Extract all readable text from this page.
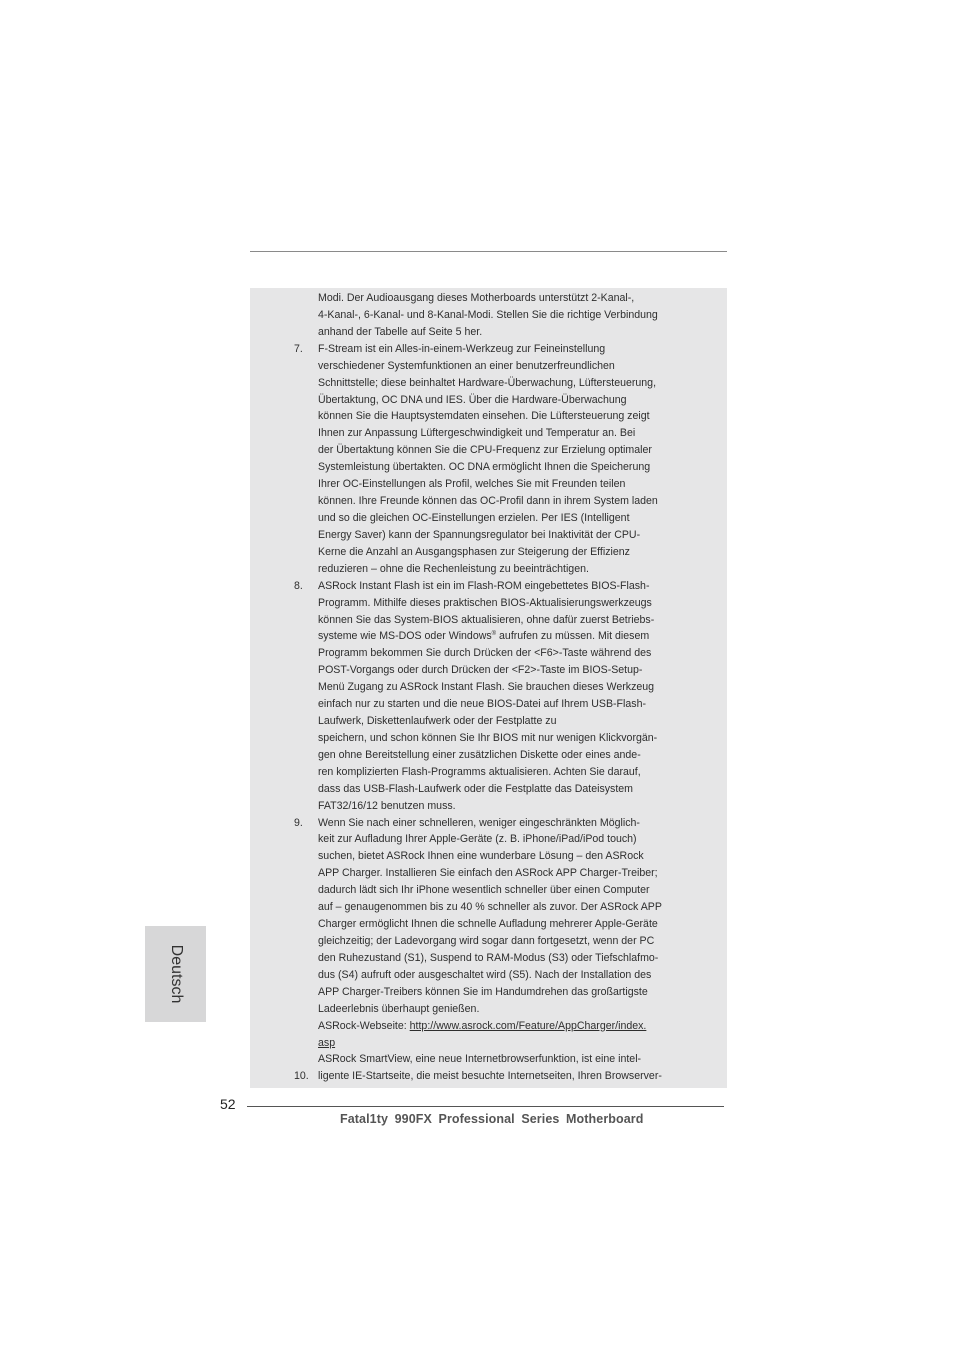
Modi. Der Audioausgang dieses Motherboards unterstützt 2-Kanal-,
4-Kanal-, 6-Kanal- und 8-Kanal-Modi. Stellen Sie die richtige Verbindung
anhand der Tabelle auf Seite 5 her.
F-Stream ist ein Alles-in-einem-Werkzeug zur Feineinstellung
verschiedener Systemfunktionen an einer benutzerfreundlichen
Schnittstelle; diese beinhaltet Hardware-Überwachung, Lüftersteuerung,
Übertaktung, OC DNA und IES. Über die Hardware-Überwachung
können Sie die Hauptsystemdaten einsehen. Die Lüftersteuerung zeigt
Ihnen zur Anpassung Lüftergeschwindigkeit und Temperatur an. Bei
der Übertaktung können Sie die CPU-Frequenz zur Erzielung optimaler
Systemleistung übertakten. OC DNA ermöglicht Ihnen die Speicherung
Ihrer OC-Einstellungen als Profil, welches Sie mit Freunden teilen
können. Ihre Freunde können das OC-Profil dann in ihrem System laden
und so die gleichen OC-Einstellungen erzielen. Per IES (Intelligent
Energy Saver) kann der Spannungsregulator bei Inaktivität der CPU-
Kerne die Anzahl an Ausgangsphasen zur Steigerung der Effizienz
reduzieren – ohne die Rechenleistung zu beeinträchtigen.
ASRock Instant Flash ist ein im Flash-ROM eingebettetes BIOS-Flash-
Programm. Mithilfe dieses praktischen BIOS-Aktualisierungswerkzeugs
können Sie das System-BIOS aktualisieren, ohne dafür zuerst Betriebs-
systeme wie MS-DOS oder Windows® aufrufen zu müssen. Mit diesem
Programm bekommen Sie durch Drücken der <F6>-Taste während des
POST-Vorgangs oder durch Drücken der <F2>-Taste im BIOS-Setup-
Menü Zugang zu ASRock Instant Flash. Sie brauchen dieses Werkzeug
einfach nur zu starten und die neue BIOS-Datei auf Ihrem USB-Flash-
Laufwerk, Diskettenlaufwerk oder der Festplatte zu
speichern, und schon können Sie Ihr BIOS mit nur wenigen Klickvorgän-
gen ohne Bereitstellung einer zusätzlichen Diskette oder eines ande-
ren komplizierten Flash-Programms aktualisieren. Achten Sie darauf,
dass das USB-Flash-Laufwerk oder die Festplatte das Dateisystem
FAT32/16/12 benutzen muss.
Wenn Sie nach einer schnelleren, weniger eingeschränkten Möglich-
keit zur Aufladung Ihrer Apple-Geräte (z. B. iPhone/iPad/iPod touch)
suchen, bietet ASRock Ihnen eine wunderbare Lösung – den ASRock
APP Charger. Installieren Sie einfach den ASRock APP Charger-Treiber;
dadurch lädt sich Ihr iPhone wesentlich schneller über einen Computer
auf – genaugenommen bis zu 40 % schneller als zuvor. Der ASRock APP
Charger ermöglicht Ihnen die schnelle Aufladung mehrerer Apple-Geräte
gleichzeitig; der Ladevorgang wird sogar dann fortgesetzt, wenn der PC
den Ruhezustand (S1), Suspend to RAM-Modus (S3) oder Tiefschlafmo-
dus (S4) aufruft oder ausgeschaltet wird (S5). Nach der Installation des
APP Charger-Treibers können Sie im Handumdrehen das großartigste
Ladeerlebnis überhaupt genießen.
ASRock-Webseite: http://www.asrock.com/Feature/AppCharger/index.
asp
ASRock SmartView, eine neue Internetbrowserfunktion, ist eine intel-
ligente IE-Startseite, die meist besuchte Internetseiten, Ihren Browserver-
7.
8.
9.
10.
Deutsch
52
Fatal1ty 990FX Professional Series Motherboard
